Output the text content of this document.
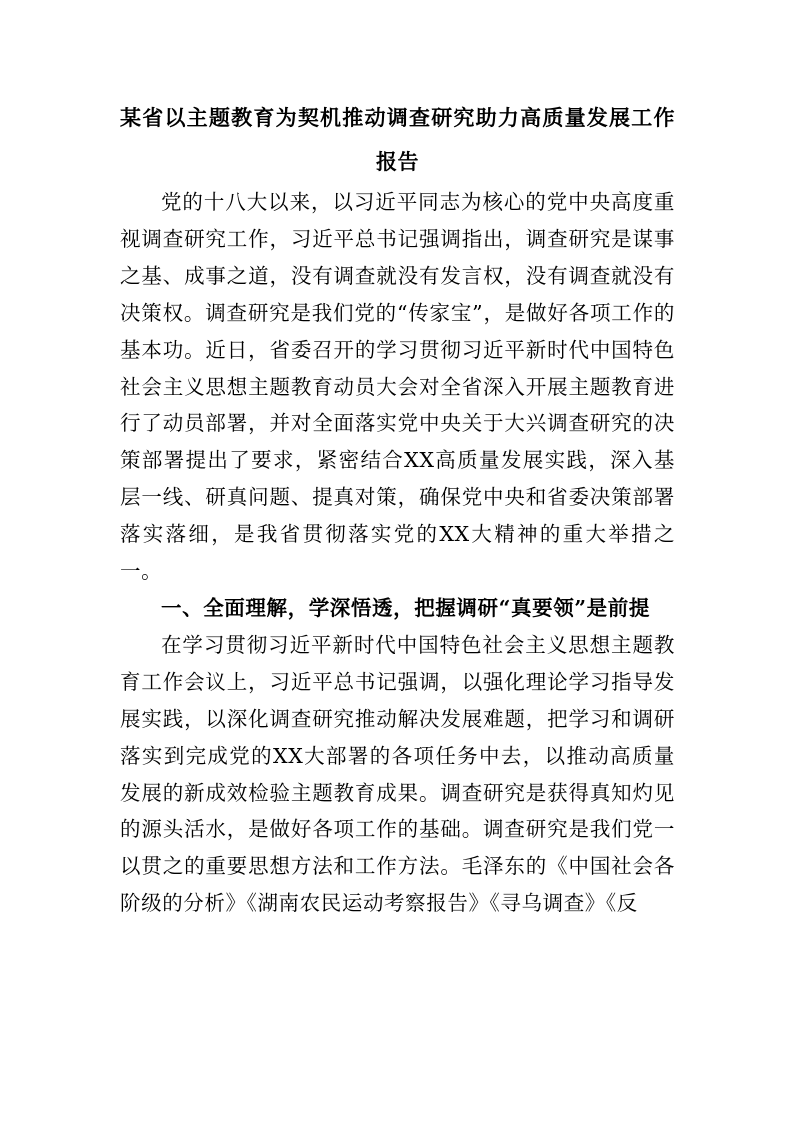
某省以主题教育为契机推动调查研究助力高质量发展工作报告

党的十八大以来，以习近平同志为核心的党中央高度重视调查研究工作，习近平总书记强调指出，调查研究是谋事之基、成事之道，没有调查就没有发言权，没有调查就没有决策权。调查研究是我们党的“传家宝”，是做好各项工作的基本功。近日，省委召开的学习贯彻习近平新时代中国特色社会主义思想主题教育动员大会对全省深入开展主题教育进行了动员部署，并对全面落实党中央关于大兴调查研究的决策部署提出了要求，紧密结合XX高质量发展实践，深入基层一线、研真问题、提真对策，确保党中央和省委决策部署落实落细，是我省贯彻落实党的XX大精神的重大举措之一。

一、全面理解，学深悟透，把握调研“真要领”是前提

在学习贯彻习近平新时代中国特色社会主义思想主题教育工作会议上，习近平总书记强调，以强化理论学习指导发展实践，以深化调查研究推动解决发展难题，把学习和调研落实到完成党的XX大部署的各项任务中去，以推动高质量发展的新成效检验主题教育成果。调查研究是获得真知灼见的源头活水，是做好各项工作的基础。调查研究是我们党一以贯之的重要思想方法和工作方法。毛泽东的《中国社会各阶级的分析》《湖南农民运动考察报告》《寻乌调查》《反
